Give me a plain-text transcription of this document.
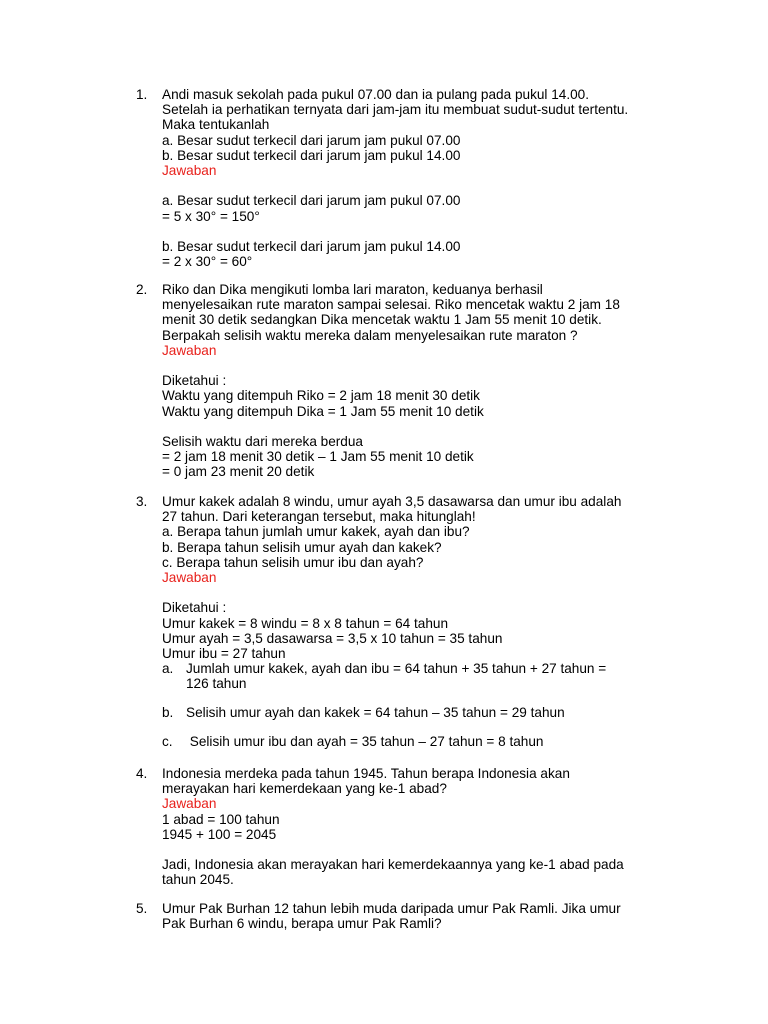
1. Andi masuk sekolah pada pukul 07.00 dan ia pulang pada pukul 14.00.
Setelah ia perhatikan ternyata dari jam-jam itu membuat sudut-sudut tertentu.
Maka tentukanlah
a. Besar sudut terkecil dari jarum jam pukul 07.00
b. Besar sudut terkecil dari jarum jam pukul 14.00
Jawaban
a. Besar sudut terkecil dari jarum jam pukul 07.00
= 5 x 30° = 150°
b. Besar sudut terkecil dari jarum jam pukul 14.00
= 2 x 30° = 60°
2. Riko dan Dika mengikuti lomba lari maraton, keduanya berhasil
menyelesaikan rute maraton sampai selesai. Riko mencetak waktu 2 jam 18
menit 30 detik sedangkan Dika mencetak waktu 1 Jam 55 menit 10 detik.
Berpakah selisih waktu mereka dalam menyelesaikan rute maraton ?
Jawaban
Diketahui :
Waktu yang ditempuh Riko = 2 jam 18 menit 30 detik
Waktu yang ditempuh Dika = 1 Jam 55 menit 10 detik
Selisih waktu dari mereka berdua
= 2 jam 18 menit 30 detik – 1 Jam 55 menit 10 detik
= 0 jam 23 menit 20 detik
3. Umur kakek adalah 8 windu, umur ayah 3,5 dasawarsa dan umur ibu adalah
27 tahun. Dari keterangan tersebut, maka hitunglah!
a. Berapa tahun jumlah umur kakek, ayah dan ibu?
b. Berapa tahun selisih umur ayah dan kakek?
c. Berapa tahun selisih umur ibu dan ayah?
Jawaban
Diketahui :
Umur kakek = 8 windu = 8 x 8 tahun = 64 tahun
Umur ayah = 3,5 dasawarsa = 3,5 x 10 tahun = 35 tahun
Umur ibu = 27 tahun
a. Jumlah umur kakek, ayah dan ibu = 64 tahun + 35 tahun + 27 tahun =
126 tahun
b. Selisih umur ayah dan kakek = 64 tahun – 35 tahun = 29 tahun
c. Selisih umur ibu dan ayah = 35 tahun – 27 tahun = 8 tahun
4. Indonesia merdeka pada tahun 1945. Tahun berapa Indonesia akan
merayakan hari kemerdekaan yang ke-1 abad?
Jawaban
1 abad = 100 tahun
1945 + 100 = 2045
Jadi, Indonesia akan merayakan hari kemerdekaannya yang ke-1 abad pada
tahun 2045.
5. Umur Pak Burhan 12 tahun lebih muda daripada umur Pak Ramli. Jika umur
Pak Burhan 6 windu, berapa umur Pak Ramli?
